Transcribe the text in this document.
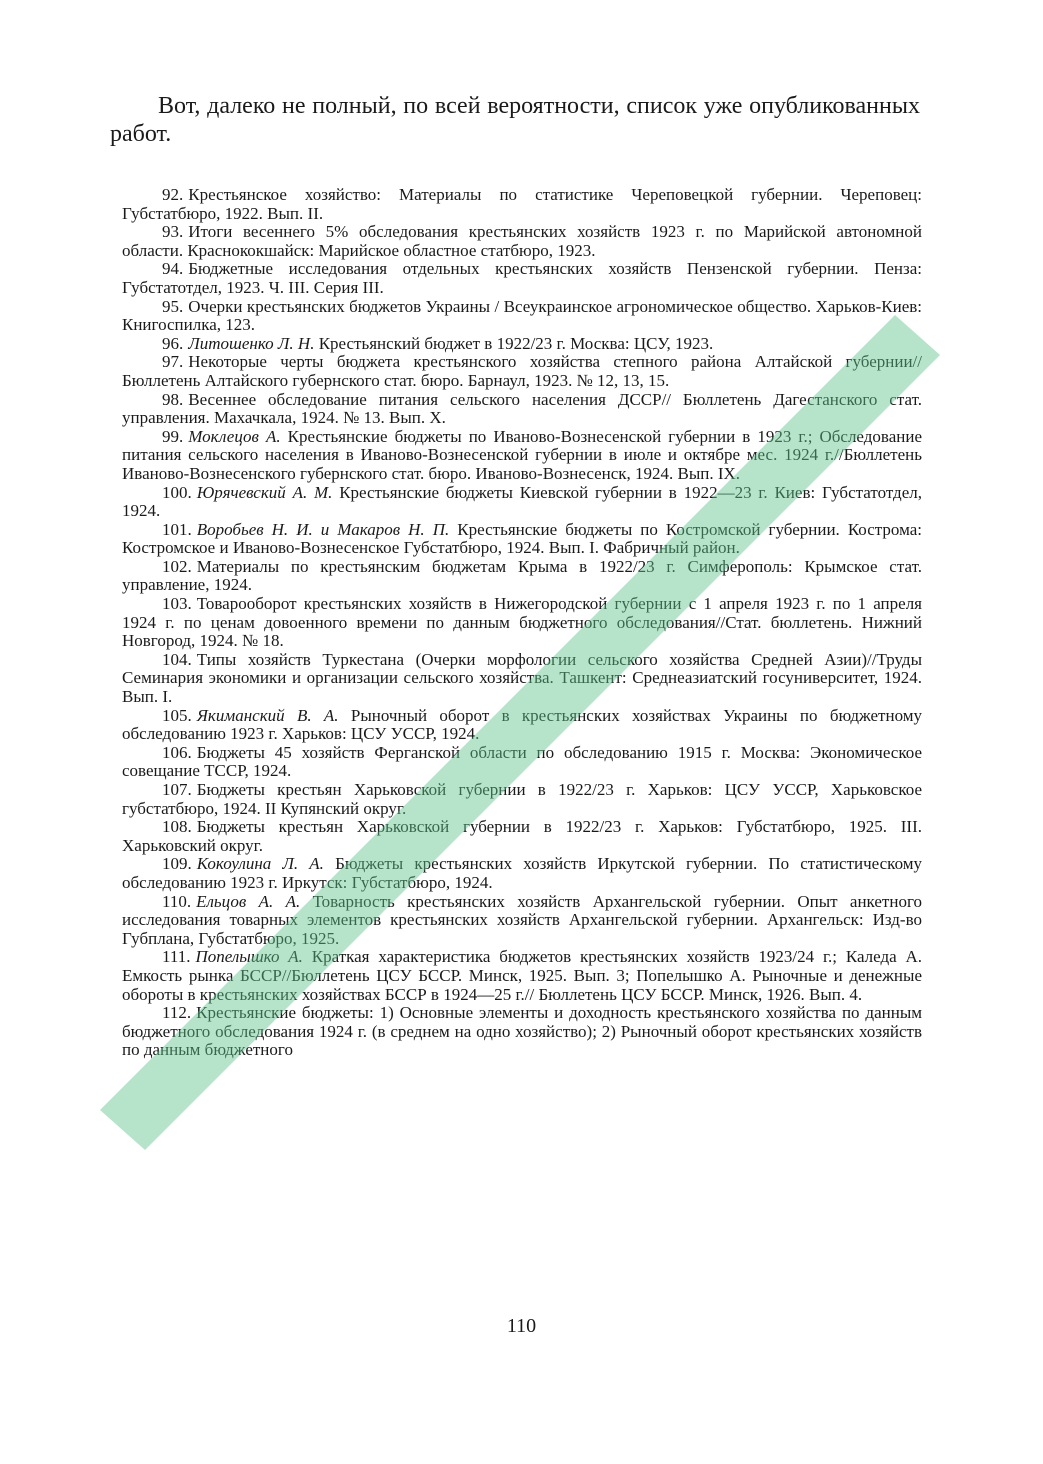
Вот, далеко не полный, по всей вероятности, список уже опубликованных работ.

92. Крестьянское хозяйство: Материалы по статистике Череповецкой губернии. Череповец: Губстатбюро, 1922. Вып. II.
93. Итоги весеннего 5% обследования крестьянских хозяйств 1923 г. по Марийской автономной области. Краснококшайск: Марийское областное статбюро, 1923.
94. Бюджетные исследования отдельных крестьянских хозяйств Пензенской губернии. Пенза: Губстатотдел, 1923. Ч. III. Серия III.
95. Очерки крестьянских бюджетов Украины / Всеукраинское агрономическое общество. Харьков-Киев: Книгоспилка, 123.
96. Литошенко Л. Н. Крестьянский бюджет в 1922/23 г. Москва: ЦСУ, 1923.
97. Некоторые черты бюджета крестьянского хозяйства степного района Алтайской губернии//Бюллетень Алтайского губернского стат. бюро. Барнаул, 1923. № 12, 13, 15.
98. Весеннее обследование питания сельского населения ДССР// Бюллетень Дагестанского стат. управления. Махачкала, 1924. № 13. Вып. X.
99. Моклецов А. Крестьянские бюджеты по Иваново-Вознесенской губернии в 1923 г.; Обследование питания сельского населения в Иваново-Вознесенской губернии в июле и октябре мес. 1924 г.//Бюллетень Иваново-Вознесенского губернского стат. бюро. Иваново-Вознесенск, 1924. Вып. IX.
100. Юрячевский А. М. Крестьянские бюджеты Киевской губернии в 1922—23 г. Киев: Губстатотдел, 1924.
101. Воробьев Н. И. и Макаров Н. П. Крестьянские бюджеты по Костромской губернии. Кострома: Костромское и Иваново-Вознесенское Губстатбюро, 1924. Вып. I. Фабричный район.
102. Материалы по крестьянским бюджетам Крыма в 1922/23 г. Симферополь: Крымское стат. управление, 1924.
103. Товарооборот крестьянских хозяйств в Нижегородской губернии с 1 апреля 1923 г. по 1 апреля 1924 г. по ценам довоенного времени по данным бюджетного обследования//Стат. бюллетень. Нижний Новгород, 1924. № 18.
104. Типы хозяйств Туркестана (Очерки морфологии сельского хозяйства Средней Азии)//Труды Семинария экономики и организации сельского хозяйства. Ташкент: Среднеазиатский госуниверситет, 1924. Вып. I.
105. Якиманский В. А. Рыночный оборот в крестьянских хозяйствах Украины по бюджетному обследованию 1923 г. Харьков: ЦСУ УССР, 1924.
106. Бюджеты 45 хозяйств Ферганской области по обследованию 1915 г. Москва: Экономическое совещание ТССР, 1924.
107. Бюджеты крестьян Харьковской губернии в 1922/23 г. Харьков: ЦСУ УССР, Харьковское губстатбюро, 1924. II Купянский округ.
108. Бюджеты крестьян Харьковской губернии в 1922/23 г. Харьков: Губстатбюро, 1925. III. Харьковский округ.
109. Кокоулина Л. А. Бюджеты крестьянских хозяйств Иркутской губернии. По статистическому обследованию 1923 г. Иркутск: Губстатбюро, 1924.
110. Ельцов А. А. Товарность крестьянских хозяйств Архангельской губернии. Опыт анкетного исследования товарных элементов крестьянских хозяйств Архангельской губернии. Архангельск: Изд-во Губплана, Губстатбюро, 1925.
111. Попелышко А. Краткая характеристика бюджетов крестьянских хозяйств 1923/24 г.; Каледа А. Емкость рынка БССР//Бюллетень ЦСУ БССР. Минск, 1925. Вып. 3; Попелышко А. Рыночные и денежные обороты в крестьянских хозяйствах БССР в 1924—25 г.// Бюллетень ЦСУ БССР. Минск, 1926. Вып. 4.
112. Крестьянские бюджеты: 1) Основные элементы и доходность крестьянского хозяйства по данным бюджетного обследования 1924 г. (в среднем на одно хозяйство); 2) Рыночный оборот крестьянских хозяйств по данным бюджетного
110
